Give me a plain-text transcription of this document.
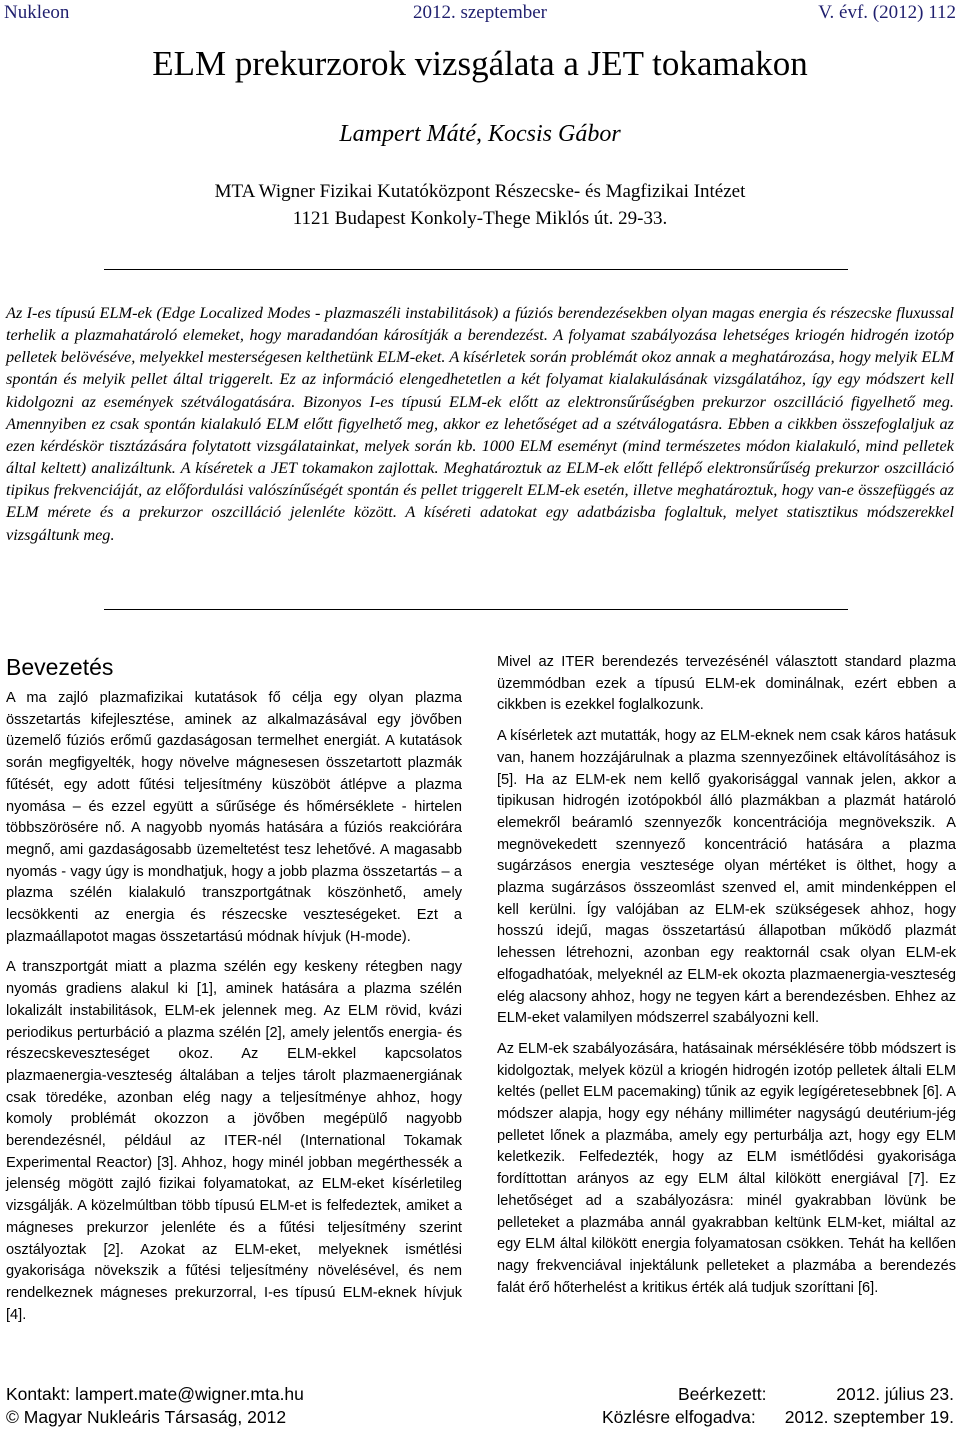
Nukleon	2012. szeptember	V. évf. (2012) 112
ELM prekurzorok vizsgálata a JET tokamakon
Lampert Máté, Kocsis Gábor
MTA Wigner Fizikai Kutatóközpont Részecske- és Magfizikai Intézet
1121 Budapest Konkoly-Thege Miklós út. 29-33.

Az I-es típusú ELM-ek (Edge Localized Modes - plazmaszéli instabilitások) a fúziós berendezésekben olyan magas energia és részecske fluxussal terhelik a plazmahatároló elemeket, hogy maradandóan károsítják a berendezést. A folyamat szabályozása lehetséges kriogén hidrogén izotóp pelletek belövéséve, melyekkel mesterségesen kelthetünk ELM-eket. A kísérletek során problémát okoz annak a meghatározása, hogy melyik ELM spontán és melyik pellet által triggerelt. Ez az információ elengedhetetlen a két folyamat kialakulásának vizsgálatához, így egy módszert kell kidolgozni az események szétválogatására. Bizonyos I-es típusú ELM-ek előtt az elektronsűrűségben prekurzor oszcilláció figyelhető meg. Amennyiben ez csak spontán kialakuló ELM előtt figyelhető meg, akkor ez lehetőséget ad a szétválogatásra. Ebben a cikkben összefoglaljuk az ezen kérdéskör tisztázására folytatott vizsgálatainkat, melyek során kb. 1000 ELM eseményt (mind természetes módon kialakuló, mind pelletek által keltett) analizáltunk. A kíséretek a JET tokamakon zajlottak. Meghatároztuk az ELM-ek előtt fellépő elektronsűrűség prekurzor oszcilláció tipikus frekvenciáját, az előfordulási valószínűségét spontán és pellet triggerelt ELM-ek esetén, illetve meghatároztuk, hogy van-e összefüggés az ELM mérete és a prekurzor oszcilláció jelenléte között. A kíséreti adatokat egy adatbázisba foglaltuk, melyet statisztikus módszerekkel vizsgáltunk meg.

Bevezetés

A ma zajló plazmafizikai kutatások fő célja egy olyan plazma összetartás kifejlesztése, aminek az alkalmazásával egy jövőben üzemelő fúziós erőmű gazdaságosan termelhet energiát. A kutatások során megfigyelték, hogy növelve mágnesesen összetartott plazmák fűtését, egy adott fűtési teljesítmény küszöböt átlépve a plazma nyomása – és ezzel együtt a sűrűsége és hőmérséklete - hirtelen többszörösére nő. A nagyobb nyomás hatására a fúziós reakciórára megnő, ami gazdaságosabb üzemeltetést tesz lehetővé. A magasabb nyomás - vagy úgy is mondhatjuk, hogy a jobb plazma összetartás – a plazma szélén kialakuló transzportgátnak köszönhető, amely lecsökkenti az energia és részecske veszteségeket. Ezt a plazmaállapotot magas összetartású módnak hívjuk (H-mode).

A transzportgát miatt a plazma szélén egy keskeny rétegben nagy nyomás gradiens alakul ki [1], aminek hatására a plazma szélén lokalizált instabilitások, ELM-ek jelennek meg. Az ELM rövid, kvázi periodikus perturbáció a plazma szélén [2], amely jelentős energia- és részecskeveszteséget okoz. Az ELM-ekkel kapcsolatos plazmaenergia-veszteség általában a teljes tárolt plazmaenergiának csak töredéke, azonban elég nagy a teljesítménye ahhoz, hogy komoly problémát okozzon a jövőben megépülő nagyobb berendezésnél, például az ITER-nél (International Tokamak Experimental Reactor) [3]. Ahhoz, hogy minél jobban megérthessék a jelenség mögött zajló fizikai folyamatokat, az ELM-eket kísérletileg vizsgálják. A közelmúltban több típusú ELM-et is felfedeztek, amiket a mágneses prekurzor jelenléte és a fűtési teljesítmény szerint osztályoztak [2]. Azokat az ELM-eket, melyeknek ismétlési gyakorisága növekszik a fűtési teljesítmény növelésével, és nem rendelkeznek mágneses prekurzorral, I-es típusú ELM-eknek hívjuk [4].

Mivel az ITER berendezés tervezésénél választott standard plazma üzemmódban ezek a típusú ELM-ek dominálnak, ezért ebben a cikkben is ezekkel foglalkozunk.

A kísérletek azt mutatták, hogy az ELM-eknek nem csak káros hatásuk van, hanem hozzájárulnak a plazma szennyezőinek eltávolításához is [5]. Ha az ELM-ek nem kellő gyakorisággal vannak jelen, akkor a tipikusan hidrogén izotópokból álló plazmákban a plazmát határoló elemekről beáramló szennyezők koncentrációja megnövekszik. A megnövekedett szennyező koncentráció hatására a plazma sugárzásos energia vesztesége olyan mértéket is ölthet, hogy a plazma sugárzásos összeomlást szenved el, amit mindenképpen el kell kerülni. Így valójában az ELM-ek szükségesek ahhoz, hogy hosszú idejű, magas összetartású állapotban működő plazmát lehessen létrehozni, azonban egy reaktornál csak olyan ELM-ek elfogadhatóak, melyeknél az ELM-ek okozta plazmaenergia-veszteség elég alacsony ahhoz, hogy ne tegyen kárt a berendezésben. Ehhez az ELM-eket valamilyen módszerrel szabályozni kell.

Az ELM-ek szabályozására, hatásainak mérséklésére több módszert is kidolgoztak, melyek közül a kriogén hidrogén izotóp pelletek általi ELM keltés (pellet ELM pacemaking) tűnik az egyik legígéretesebbnek [6]. A módszer alapja, hogy egy néhány milliméter nagyságú deutérium-jég pelletet lőnek a plazmába, amely egy perturbálja azt, hogy egy ELM keletkezik. Felfedezték, hogy az ELM ismétlődési gyakorisága fordíttottan arányos az egy ELM által kilökött energiával [7]. Ez lehetőséget ad a szabályozásra: minél gyakrabban lövünk be pelleteket a plazmába annál gyakrabban keltünk ELM-ket, miáltal az egy ELM által kilökött energia folyamatosan csökken. Tehát ha kellően nagy frekvenciával injektálunk pelleteket a plazmába a berendezés falát érő hőterhelést a kritikus érték alá tudjuk szoríttani [6].

Kontakt: lampert.mate@wigner.mta.hu	Beérkezett:	2012. július 23.
© Magyar Nukleáris Társaság, 2012	Közlésre elfogadva: 2012. szeptember 19.
